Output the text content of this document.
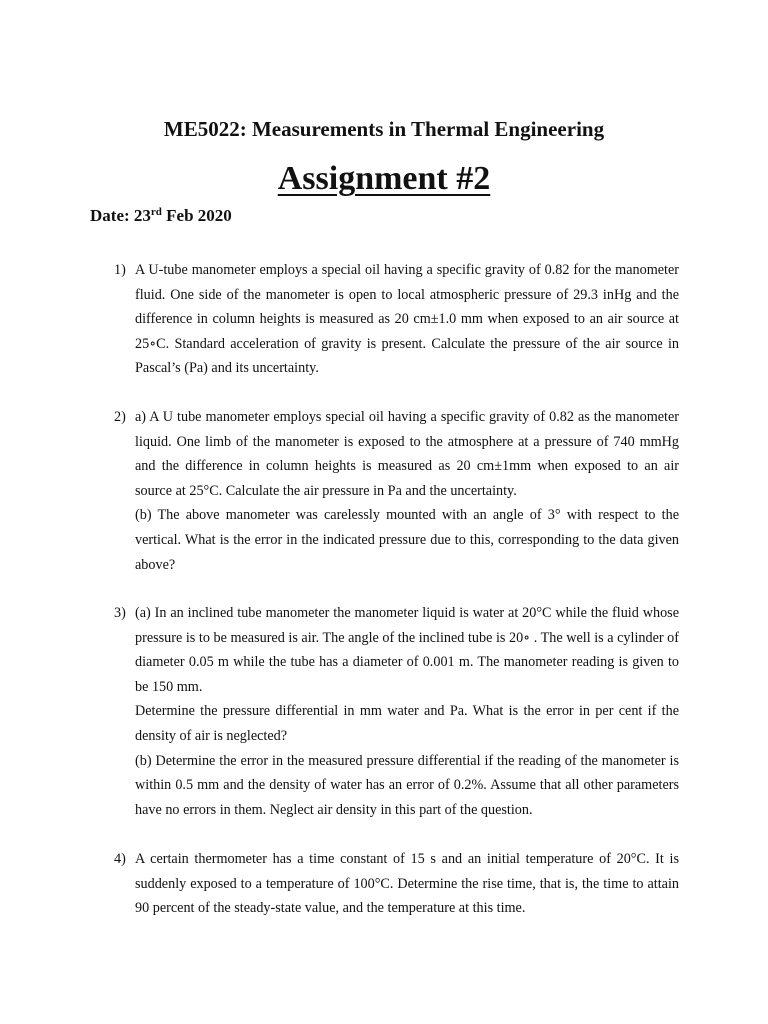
ME5022: Measurements in Thermal Engineering
Assignment #2
Date: 23rd Feb 2020
1) A U-tube manometer employs a special oil having a specific gravity of 0.82 for the manometer fluid. One side of the manometer is open to local atmospheric pressure of 29.3 inHg and the difference in column heights is measured as 20 cm±1.0 mm when exposed to an air source at 25∘C. Standard acceleration of gravity is present. Calculate the pressure of the air source in Pascal’s (Pa) and its uncertainty.
2) a) A U tube manometer employs special oil having a specific gravity of 0.82 as the manometer liquid. One limb of the manometer is exposed to the atmosphere at a pressure of 740 mmHg and the difference in column heights is measured as 20 cm±1mm when exposed to an air source at 25°C. Calculate the air pressure in Pa and the uncertainty.
(b) The above manometer was carelessly mounted with an angle of 3° with respect to the vertical. What is the error in the indicated pressure due to this, corresponding to the data given above?
3) (a) In an inclined tube manometer the manometer liquid is water at 20°C while the fluid whose pressure is to be measured is air. The angle of the inclined tube is 20∘ . The well is a cylinder of diameter 0.05 m while the tube has a diameter of 0.001 m. The manometer reading is given to be 150 mm.
Determine the pressure differential in mm water and Pa. What is the error in per cent if the density of air is neglected?
(b) Determine the error in the measured pressure differential if the reading of the manometer is within 0.5 mm and the density of water has an error of 0.2%. Assume that all other parameters have no errors in them. Neglect air density in this part of the question.
4) A certain thermometer has a time constant of 15 s and an initial temperature of 20°C. It is suddenly exposed to a temperature of 100°C. Determine the rise time, that is, the time to attain 90 percent of the steady-state value, and the temperature at this time.
